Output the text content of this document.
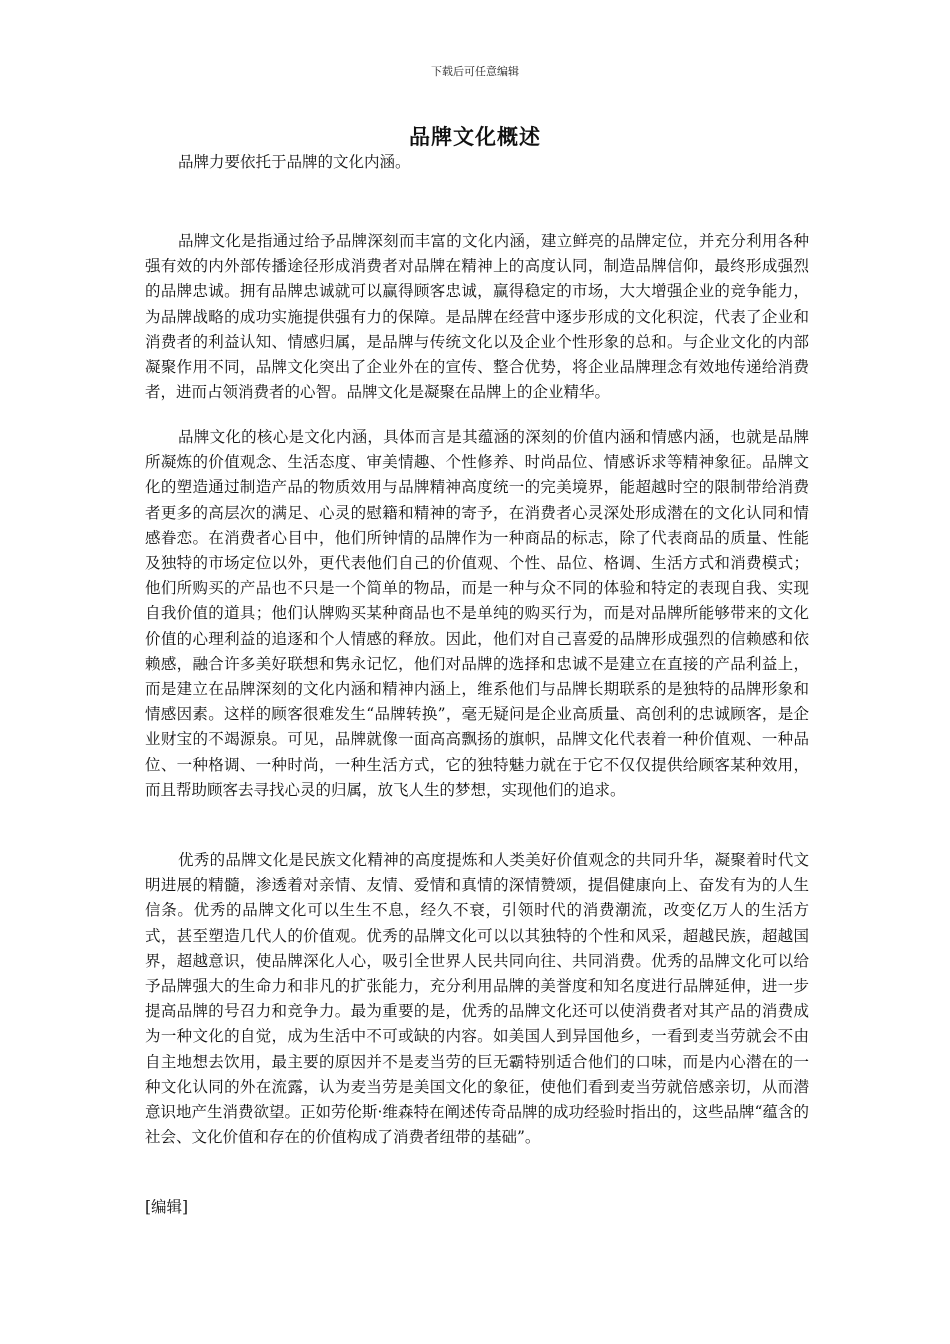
下载后可任意编辑
品牌文化概述
品牌力要依托于品牌的文化内涵。

品牌文化是指通过给予品牌深刻而丰富的文化内涵，建立鲜亮的品牌定位，并充分利用各种强有效的内外部传播途径形成消费者对品牌在精神上的高度认同，制造品牌信仰，最终形成强烈的品牌忠诚。拥有品牌忠诚就可以赢得顾客忠诚，赢得稳定的市场，大大增强企业的竞争能力，为品牌战略的成功实施提供强有力的保障。是品牌在经营中逐步形成的文化积淀，代表了企业和消费者的利益认知、情感归属，是品牌与传统文化以及企业个性形象的总和。与企业文化的内部凝聚作用不同，品牌文化突出了企业外在的宣传、整合优势，将企业品牌理念有效地传递给消费者，进而占领消费者的心智。品牌文化是凝聚在品牌上的企业精华。

品牌文化的核心是文化内涵，具体而言是其蕴涵的深刻的价值内涵和情感内涵，也就是品牌所凝炼的价值观念、生活态度、审美情趣、个性修养、时尚品位、情感诉求等精神象征。品牌文化的塑造通过制造产品的物质效用与品牌精神高度统一的完美境界，能超越时空的限制带给消费者更多的高层次的满足、心灵的慰籍和精神的寄予，在消费者心灵深处形成潜在的文化认同和情感眷恋。在消费者心目中，他们所钟情的品牌作为一种商品的标志，除了代表商品的质量、性能及独特的市场定位以外，更代表他们自己的价值观、个性、品位、格调、生活方式和消费模式；他们所购买的产品也不只是一个简单的物品，而是一种与众不同的体验和特定的表现自我、实现自我价值的道具；他们认牌购买某种商品也不是单纯的购买行为，而是对品牌所能够带来的文化价值的心理利益的追逐和个人情感的释放。因此，他们对自己喜爱的品牌形成强烈的信赖感和依赖感，融合许多美好联想和隽永记忆，他们对品牌的选择和忠诚不是建立在直接的产品利益上，而是建立在品牌深刻的文化内涵和精神内涵上，维系他们与品牌长期联系的是独特的品牌形象和情感因素。这样的顾客很难发生“品牌转换”，毫无疑问是企业高质量、高创利的忠诚顾客，是企业财宝的不竭源泉。可见，品牌就像一面高高飘扬的旗帜，品牌文化代表着一种价值观、一种品位、一种格调、一种时尚，一种生活方式，它的独特魅力就在于它不仅仅提供给顾客某种效用，而且帮助顾客去寻找心灵的归属，放飞人生的梦想，实现他们的追求。

优秀的品牌文化是民族文化精神的高度提炼和人类美好价值观念的共同升华，凝聚着时代文明进展的精髓，渗透着对亲情、友情、爱情和真情的深情赞颂，提倡健康向上、奋发有为的人生信条。优秀的品牌文化可以生生不息，经久不衰，引领时代的消费潮流，改变亿万人的生活方式，甚至塑造几代人的价值观。优秀的品牌文化可以以其独特的个性和风采，超越民族，超越国界，超越意识，使品牌深化人心，吸引全世界人民共同向往、共同消费。优秀的品牌文化可以给予品牌强大的生命力和非凡的扩张能力，充分利用品牌的美誉度和知名度进行品牌延伸，进一步提高品牌的号召力和竞争力。最为重要的是，优秀的品牌文化还可以使消费者对其产品的消费成为一种文化的自觉，成为生活中不可或缺的内容。如美国人到异国他乡，一看到麦当劳就会不由自主地想去饮用，最主要的原因并不是麦当劳的巨无霸特别适合他们的口味，而是内心潜在的一种文化认同的外在流露，认为麦当劳是美国文化的象征，使他们看到麦当劳就倍感亲切，从而潜意识地产生消费欲望。正如劳伦斯·维森特在阐述传奇品牌的成功经验时指出的，这些品牌“蕴含的社会、文化价值和存在的价值构成了消费者纽带的基础”。

[编辑]
